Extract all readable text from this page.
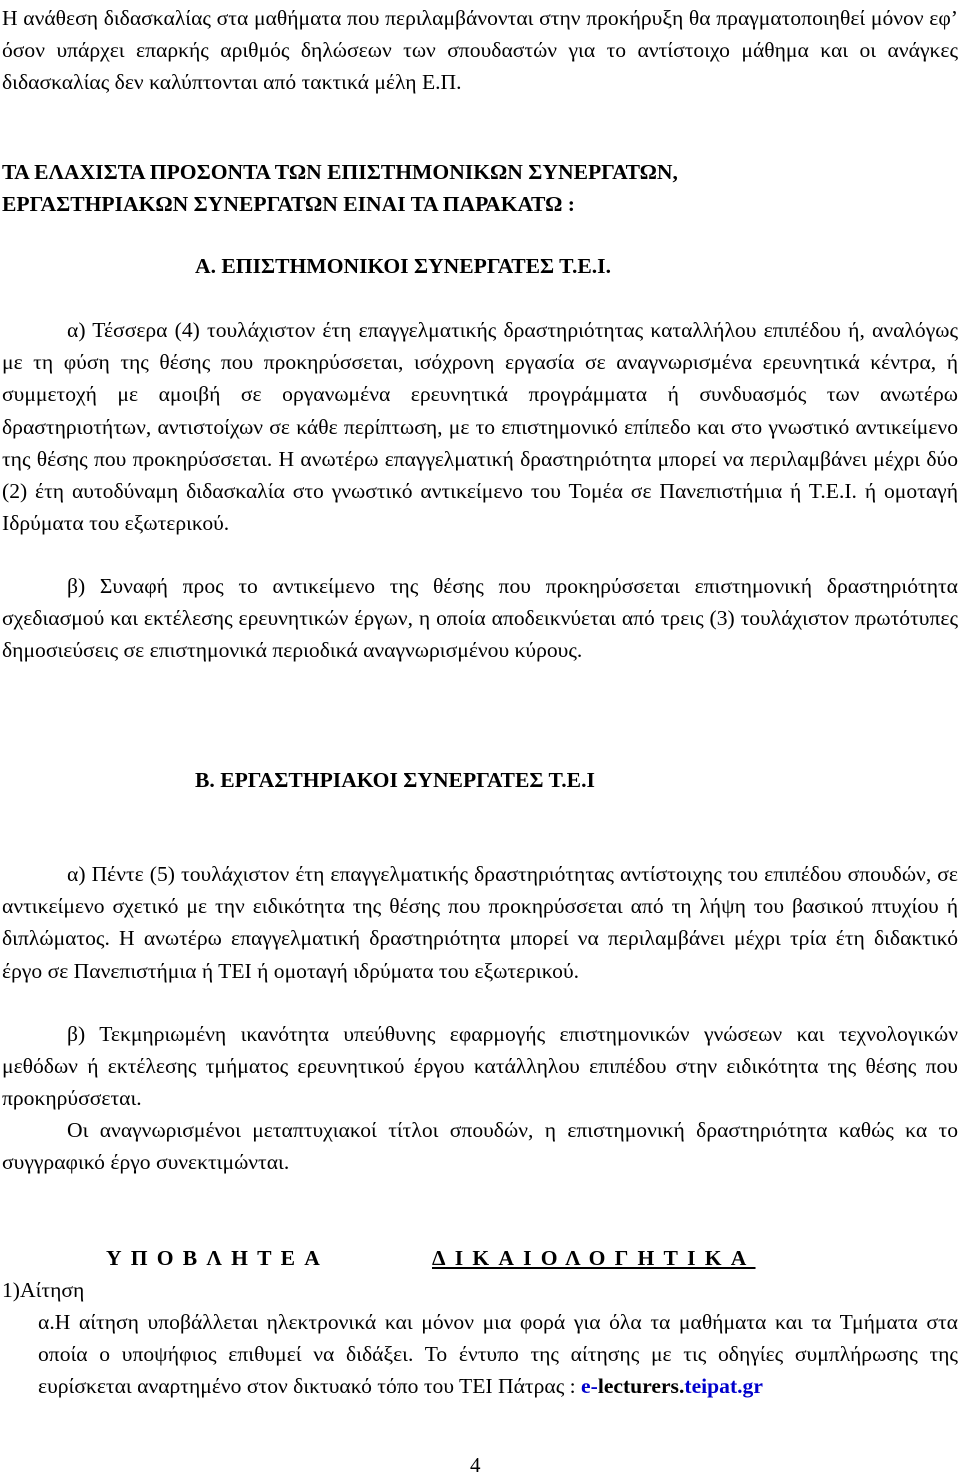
Η ανάθεση διδασκαλίας στα μαθήματα που περιλαμβάνονται στην προκήρυξη θα πραγματοποιηθεί μόνον εφ’ όσον υπάρχει επαρκής αριθμός δηλώσεων των σπουδαστών για το αντίστοιχο μάθημα και οι ανάγκες διδασκαλίας δεν καλύπτονται από τακτικά μέλη Ε.Π.

ΤΑ ΕΛΑΧΙΣΤΑ ΠΡΟΣΟΝΤΑ ΤΩΝ ΕΠΙΣΤΗΜΟΝΙΚΩΝ ΣΥΝΕΡΓΑΤΩΝ,

ΕΡΓΑΣΤΗΡΙΑΚΩΝ ΣΥΝΕΡΓΑΤΩΝ ΕΙΝΑΙ ΤΑ ΠΑΡΑΚΑΤΩ :

Α. ΕΠΙΣΤΗΜΟΝΙΚΟΙ ΣΥΝΕΡΓΑΤΕΣ Τ.Ε.Ι.

α) Τέσσερα (4) τουλάχιστον έτη επαγγελματικής δραστηριότητας καταλλήλου επιπέδου ή, αναλόγως με τη φύση της θέσης που προκηρύσσεται, ισόχρονη εργασία σε αναγνωρισμένα ερευνητικά κέντρα, ή συμμετοχή με αμοιβή σε οργανωμένα ερευνητικά προγράμματα ή συνδυασμός των ανωτέρω δραστηριοτήτων, αντιστοίχων σε κάθε περίπτωση, με το επιστημονικό επίπεδο και στο γνωστικό αντικείμενο της θέσης που προκηρύσσεται. Η ανωτέρω επαγγελματική δραστηριότητα μπορεί να περιλαμβάνει μέχρι δύο (2) έτη αυτοδύναμη διδασκαλία στο γνωστικό αντικείμενο του Τομέα σε Πανεπιστήμια ή Τ.Ε.Ι. ή ομοταγή Ιδρύματα του εξωτερικού.

β) Συναφή προς το αντικείμενο της θέσης που προκηρύσσεται επιστημονική δραστηριότητα σχεδιασμού και εκτέλεσης ερευνητικών έργων, η οποία αποδεικνύεται από τρεις (3) τουλάχιστον πρωτότυπες δημοσιεύσεις σε επιστημονικά περιοδικά αναγνωρισμένου κύρους.

Β. ΕΡΓΑΣΤΗΡΙΑΚΟΙ ΣΥΝΕΡΓΑΤΕΣ Τ.Ε.Ι

α) Πέντε (5) τουλάχιστον έτη επαγγελματικής δραστηριότητας αντίστοιχης του επιπέδου σπουδών, σε αντικείμενο σχετικό με την ειδικότητα της θέσης που προκηρύσσεται από τη λήψη του βασικού πτυχίου ή διπλώματος. Η ανωτέρω επαγγελματική δραστηριότητα μπορεί να περιλαμβάνει μέχρι τρία έτη διδακτικό έργο σε Πανεπιστήμια ή ΤΕΙ ή ομοταγή ιδρύματα του εξωτερικού.

β) Τεκμηριωμένη ικανότητα υπεύθυνης εφαρμογής επιστημονικών γνώσεων και τεχνολογικών μεθόδων ή εκτέλεσης τμήματος ερευνητικού έργου κατάλληλου επιπέδου στην ειδικότητα της θέσης που προκηρύσσεται.

Οι αναγνωρισμένοι μεταπτυχιακοί τίτλοι σπουδών, η επιστημονική δραστηριότητα καθώς κα το συγγραφικό έργο συνεκτιμώνται.

ΥΠΟΒΛΗΤΕΑ	ΔΙΚΑΙΟΛΟΓΗΤΙΚΑ

1)Αίτηση

α.Η αίτηση υποβάλλεται ηλεκτρονικά και μόνον μια φορά για όλα τα μαθήματα και τα Τμήματα στα οποία ο υποψήφιος επιθυμεί να διδάξει. Το έντυπο της αίτησης με τις οδηγίες συμπλήρωσης της ευρίσκεται αναρτημένο στον δικτυακό τόπο του ΤΕΙ Πάτρας : e-lecturers.teipat.gr

4
